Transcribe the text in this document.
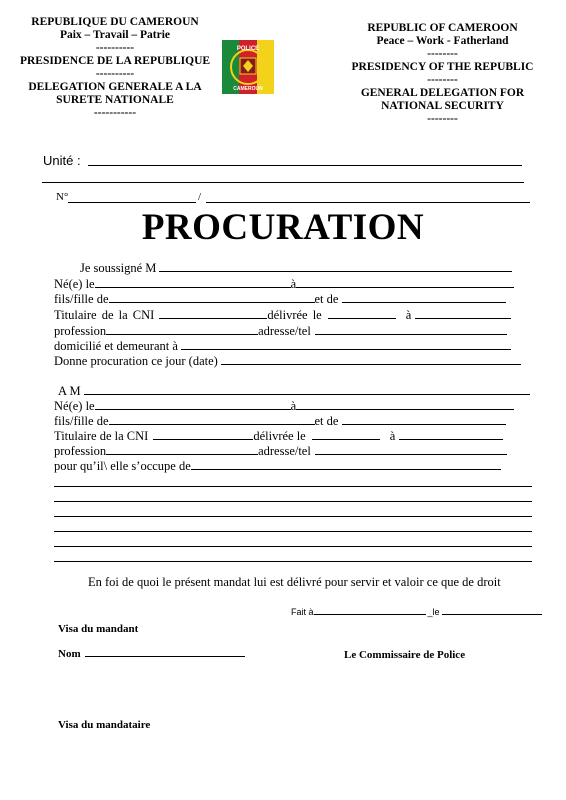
REPUBLIQUE DU CAMEROUN
Paix – Travail – Patrie
----------
PRESIDENCE DE LA REPUBLIQUE
----------
DELEGATION GENERALE A LA
SURETE NATIONALE
-----------
POLICE
CAMEROUN
REPUBLIC OF CAMEROON
Peace – Work - Fatherland
--------
PRESIDENCY OF THE REPUBLIC
--------
GENERAL DELEGATION FOR
NATIONAL SECURITY
--------
Unité :
N°	/
PROCURATION
Je soussigné M
Né(e) le	à
fils/fille de	et de
Titulaire de la CNI	délivrée le	à
profession	adresse/tel
domicilié et demeurant à
Donne procuration ce jour (date)
A M
Né(e) le	à
fils/fille de	et de
Titulaire de la CNI	délivrée le	à
profession	adresse/tel
pour qu’il\ elle s’occupe de
En foi de quoi le présent mandat lui est délivré pour servir et valoir ce que de droit
Fait à	_le
Visa du mandant
Nom	Le Commissaire de Police
Visa du mandataire
